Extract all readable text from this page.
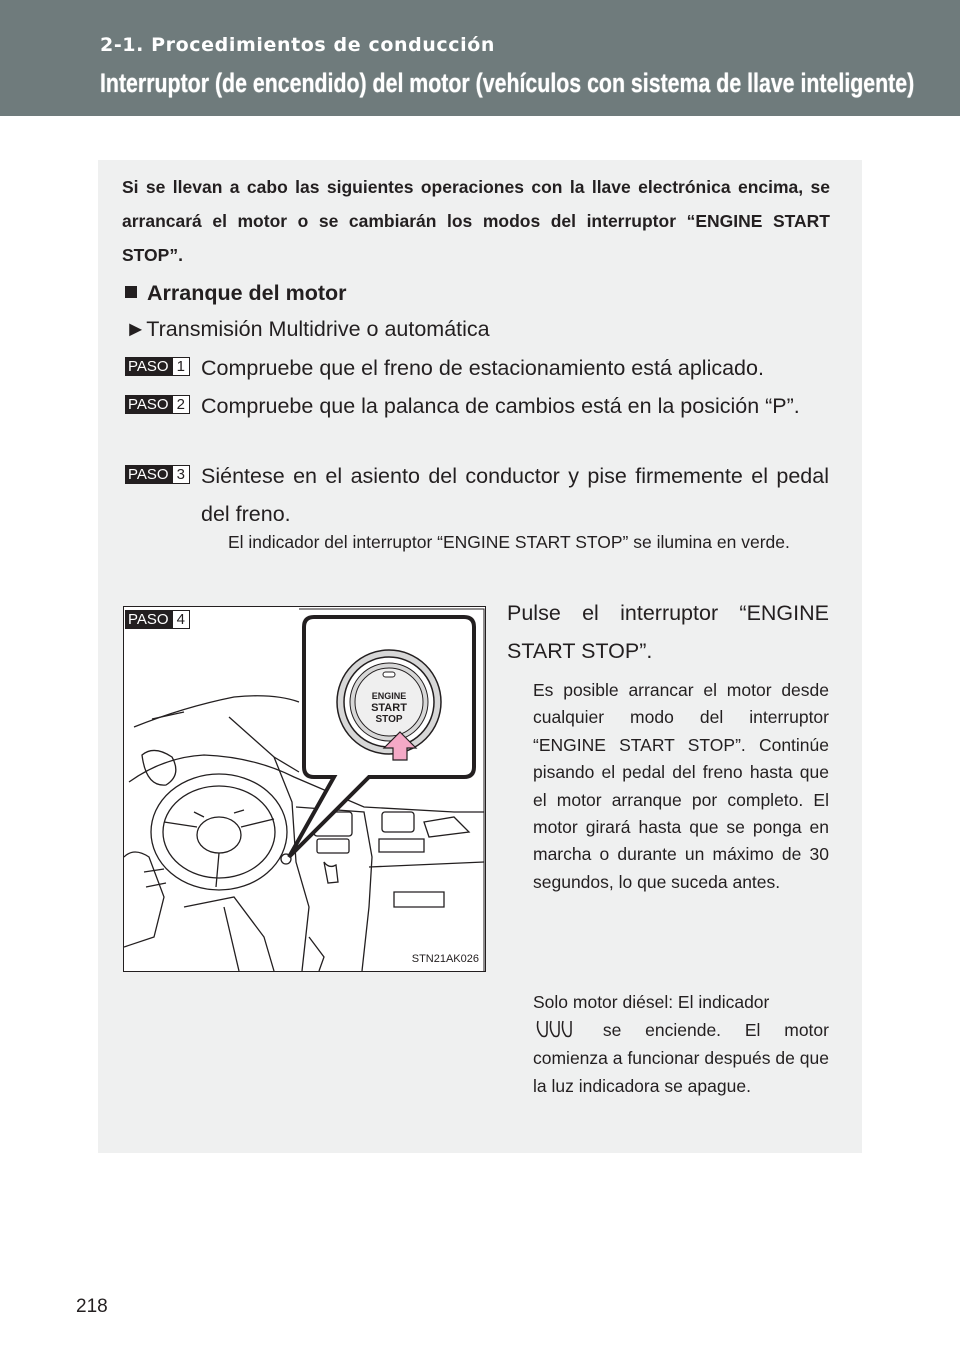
2-1. Procedimientos de conducción
Interruptor (de encendido) del motor (vehículos con sistema de llave inteligente)
Si se llevan a cabo las siguientes operaciones con la llave electrónica encima, se arrancará el motor o se cambiarán los modos del interruptor “ENGINE START STOP”.
Arranque del motor
►Transmisión Multidrive o automática
PASO 1 Compruebe que el freno de estacionamiento está aplicado.
PASO 2 Compruebe que la palanca de cambios está en la posición “P”.
PASO 3 Siéntese en el asiento del conductor y pise firmemente el pedal del freno.
El indicador del interruptor “ENGINE START STOP” se ilumina en verde.
ENGINE
START
STOP
STN21AK026
PASO 4	Pulse el interruptor “ENGINE START STOP”.
Es posible arrancar el motor desde cualquier modo del interruptor “ENGINE START STOP”. Continúe pisando el pedal del freno hasta que el motor arranque por completo. El motor girará hasta que se ponga en marcha o durante un máximo de 30 segundos, lo que suceda antes.
Solo motor diésel: El indicador
se enciende. El motor comienza a funcionar después de que la luz indicadora se apague.
218
